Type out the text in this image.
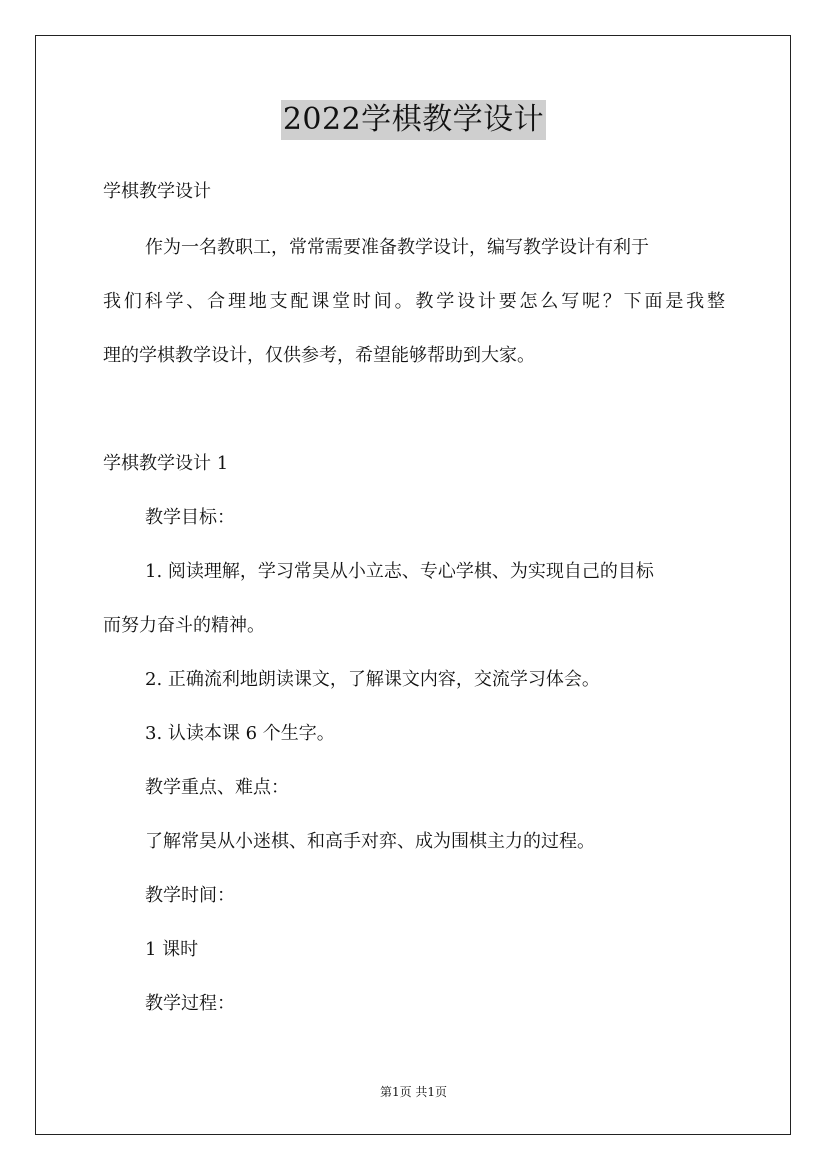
2022学棋教学设计
学棋教学设计
作为一名教职工，常常需要准备教学设计，编写教学设计有利于
我们科学、合理地支配课堂时间。教学设计要怎么写呢？下面是我整
理的学棋教学设计，仅供参考，希望能够帮助到大家。
学棋教学设计 1
教学目标：
1. 阅读理解，学习常昊从小立志、专心学棋、为实现自己的目标
而努力奋斗的精神。
2. 正确流利地朗读课文，了解课文内容，交流学习体会。
3. 认读本课 6 个生字。
教学重点、难点：
了解常昊从小迷棋、和高手对弈、成为围棋主力的过程。
教学时间：
1 课时
教学过程：
第1页 共1页
